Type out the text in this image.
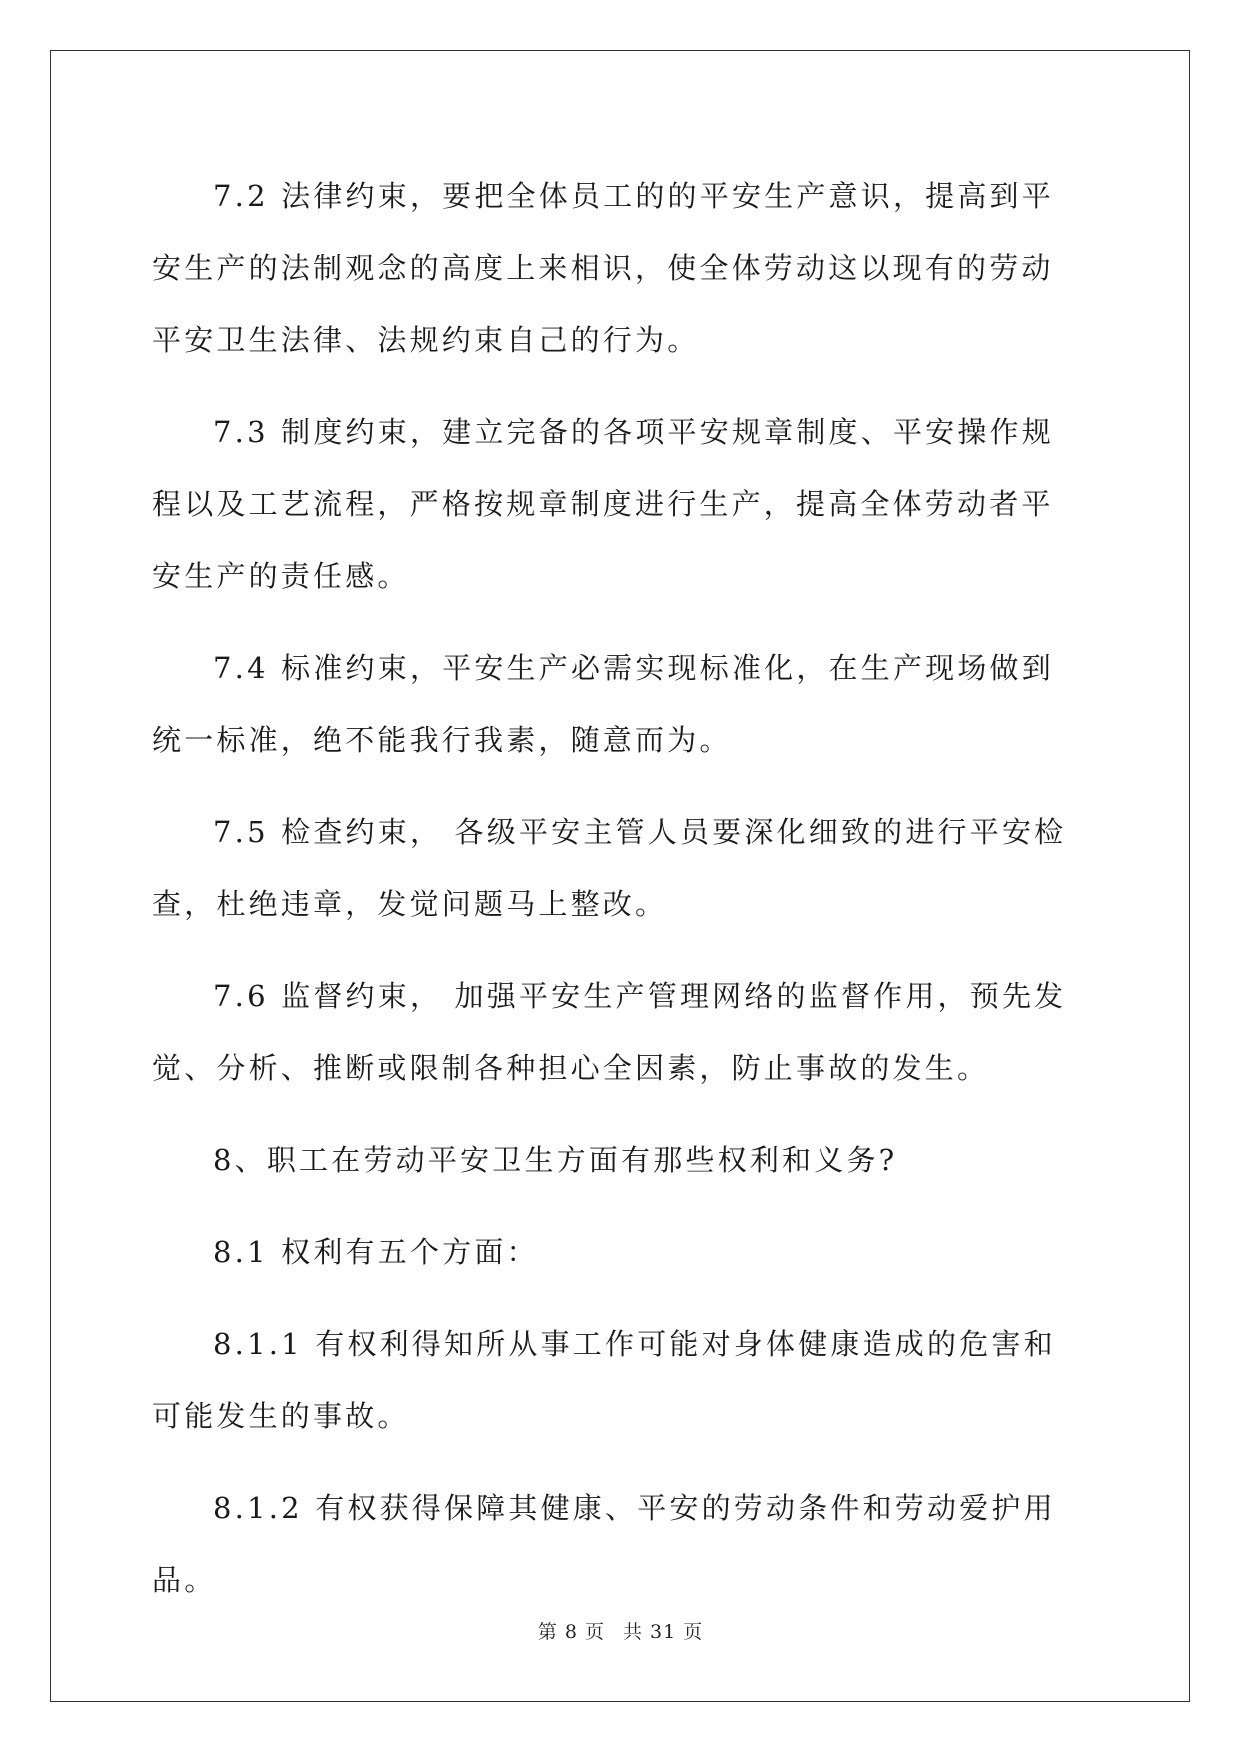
7.2 法律约束，要把全体员工的的平安生产意识，提高到平安生产的法制观念的高度上来相识，使全体劳动这以现有的劳动平安卫生法律、法规约束自己的行为。

7.3 制度约束，建立完备的各项平安规章制度、平安操作规程以及工艺流程，严格按规章制度进行生产，提高全体劳动者平安生产的责任感。

7.4 标准约束，平安生产必需实现标准化，在生产现场做到统一标准，绝不能我行我素，随意而为。

7.5 检查约束， 各级平安主管人员要深化细致的进行平安检查，杜绝违章，发觉问题马上整改。

7.6 监督约束， 加强平安生产管理网络的监督作用，预先发觉、分析、推断或限制各种担心全因素，防止事故的发生。

8、职工在劳动平安卫生方面有那些权利和义务?

8.1 权利有五个方面：

8.1.1 有权利得知所从事工作可能对身体健康造成的危害和可能发生的事故。

8.1.2 有权获得保障其健康、平安的劳动条件和劳动爱护用品。

第 8 页 共 31 页
